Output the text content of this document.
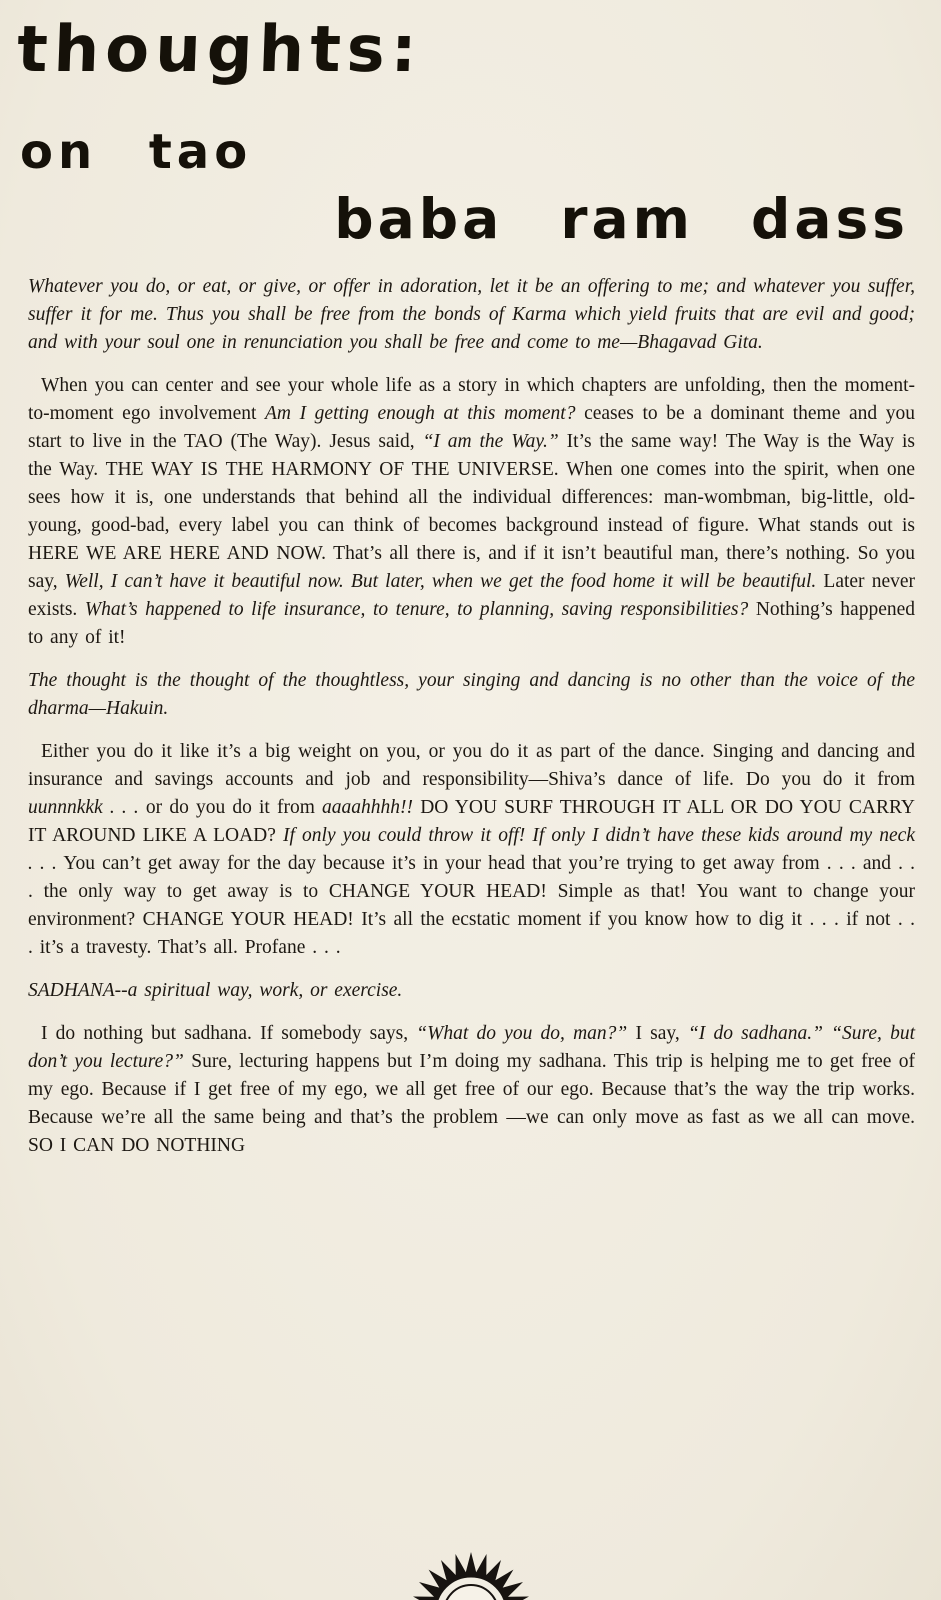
thoughts:
on tao
baba ram dass

Whatever you do, or eat, or give, or offer in adoration, let it be an offering to me; and whatever you suffer, suffer it for me. Thus you shall be free from the bonds of Karma which yield fruits that are evil and good; and with your soul one in renunciation you shall be free and come to me—Bhagavad Gita.

When you can center and see your whole life as a story in which chapters are unfolding, then the moment-to-moment ego involvement Am I getting enough at this moment? ceases to be a dominant theme and you start to live in the TAO (The Way). Jesus said, “I am the Way.” It’s the same way! The Way is the Way is the Way. THE WAY IS THE HARMONY OF THE UNIVERSE. When one comes into the spirit, when one sees how it is, one understands that behind all the individual differences: man-wombman, big-little, old-young, good-bad, every label you can think of becomes background instead of figure. What stands out is HERE WE ARE HERE AND NOW. That’s all there is, and if it isn’t beautiful man, there’s nothing. So you say, Well, I can’t have it beautiful now. But later, when we get the food home it will be beautiful. Later never exists. What’s happened to life insurance, to tenure, to planning, saving responsibilities? Nothing’s happened to any of it!

The thought is the thought of the thoughtless, your singing and dancing is no other than the voice of the dharma—Hakuin.

Either you do it like it’s a big weight on you, or you do it as part of the dance. Singing and dancing and insurance and savings accounts and job and responsibility—Shiva’s dance of life. Do you do it from uunnnkkk . . . or do you do it from aaaahhhh!! DO YOU SURF THROUGH IT ALL OR DO YOU CARRY IT AROUND LIKE A LOAD? If only you could throw it off! If only I didn’t have these kids around my neck . . . You can’t get away for the day because it’s in your head that you’re trying to get away from . . . and . . . the only way to get away is to CHANGE YOUR HEAD! Simple as that! You want to change your environment? CHANGE YOUR HEAD! It’s all the ecstatic moment if you know how to dig it . . . if not . . . it’s a travesty. That’s all. Profane . . .

SADHANA--a spiritual way, work, or exercise.

I do nothing but sadhana. If somebody says, “What do you do, man?” I say, “I do sadhana.” “Sure, but don’t you lecture?” Sure, lecturing happens but I’m doing my sadhana. This trip is helping me to get free of my ego. Because if I get free of my ego, we all get free of our ego. Because that’s the way the trip works. Because we’re all the same being and that’s the problem —we can only move as fast as we all can move. SO I CAN DO NOTHING
